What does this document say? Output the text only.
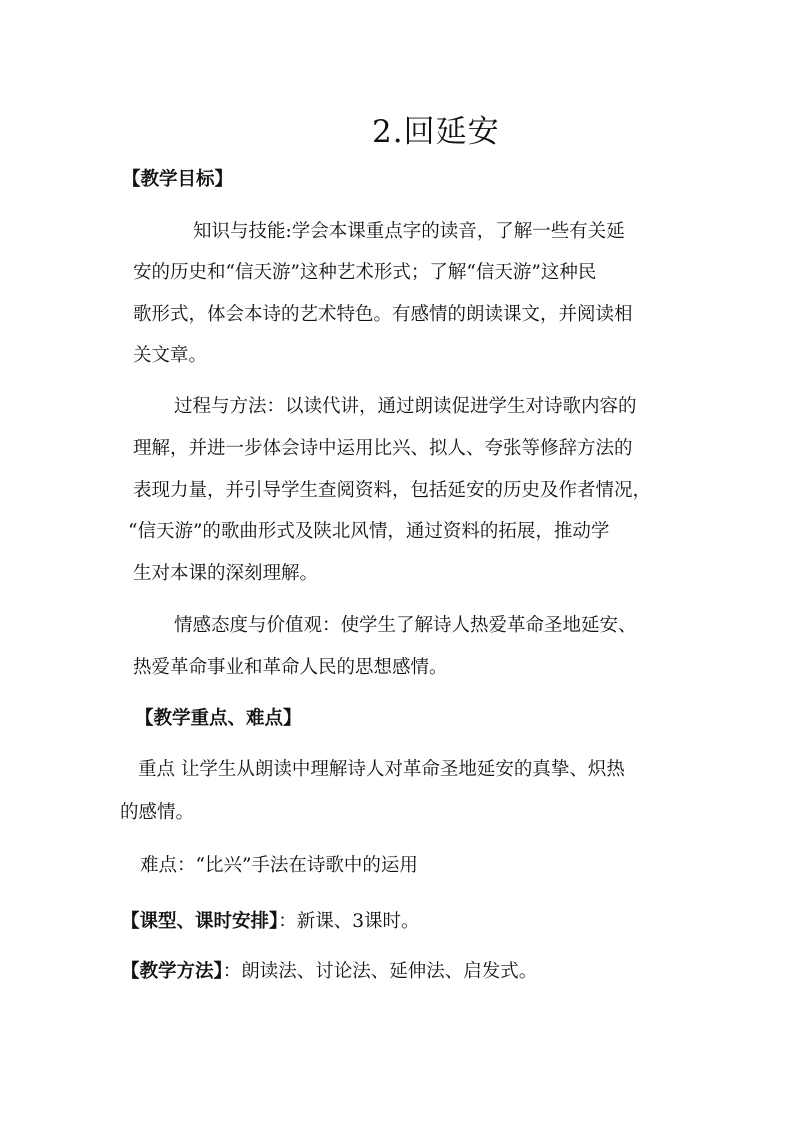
2.回延安
【教学目标】
知识与技能:学会本课重点字的读音，了解一些有关延
安的历史和“信天游”这种艺术形式；了解“信天游”这种民
歌形式，体会本诗的艺术特色。有感情的朗读课文，并阅读相
关文章。
过程与方法：以读代讲，通过朗读促进学生对诗歌内容的
理解，并进一步体会诗中运用比兴、拟人、夸张等修辞方法的
表现力量，并引导学生查阅资料，包括延安的历史及作者情况，
“信天游”的歌曲形式及陕北风情，通过资料的拓展，推动学
生对本课的深刻理解。
情感态度与价值观：使学生了解诗人热爱革命圣地延安、
热爱革命事业和革命人民的思想感情。
【教学重点、难点】
重点 让学生从朗读中理解诗人对革命圣地延安的真挚、炽热
的感情。
难点：“比兴”手法在诗歌中的运用
【课型、课时安排】：新课、3课时。
【教学方法】：朗读法、讨论法、延伸法、启发式。
